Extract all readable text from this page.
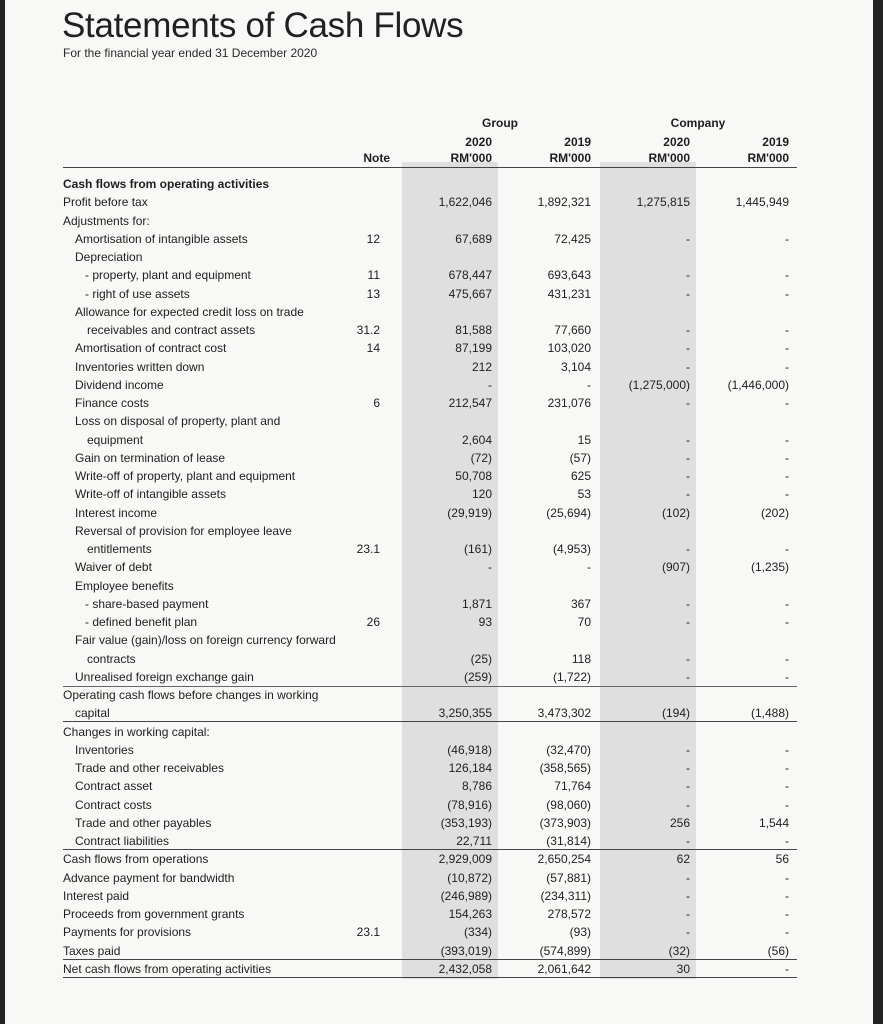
Statements of Cash Flows
For the financial year ended 31 December 2020
Group	Company
2020	2019	2020	2019
Note	RM'000	RM'000	RM'000	RM'000
Cash flows from operating activities
Profit before tax	1,622,046	1,892,321	1,275,815	1,445,949
Adjustments for:
Amortisation of intangible assets	12	67,689	72,425	-	-
Depreciation
- property, plant and equipment	11	678,447	693,643	-	-
- right of use assets	13	475,667	431,231	-	-
Allowance for expected credit loss on trade
receivables and contract assets	31.2	81,588	77,660	-	-
Amortisation of contract cost	14	87,199	103,020	-	-
Inventories written down	212	3,104	-	-
Dividend income	-	-	(1,275,000)	(1,446,000)
Finance costs	6	212,547	231,076	-	-
Loss on disposal of property, plant and
equipment	2,604	15	-	-
Gain on termination of lease	(72)	(57)	-	-
Write-off of property, plant and equipment	50,708	625	-	-
Write-off of intangible assets	120	53	-	-
Interest income	(29,919)	(25,694)	(102)	(202)
Reversal of provision for employee leave
entitlements	23.1	(161)	(4,953)	-	-
Waiver of debt	-	-	(907)	(1,235)
Employee benefits
- share-based payment	1,871	367	-	-
- defined benefit plan	26	93	70	-	-
Fair value (gain)/loss on foreign currency forward
contracts	(25)	118	-	-
Unrealised foreign exchange gain	(259)	(1,722)	-	-
Operating cash flows before changes in working
capital	3,250,355	3,473,302	(194)	(1,488)
Changes in working capital:
Inventories	(46,918)	(32,470)	-	-
Trade and other receivables	126,184	(358,565)	-	-
Contract asset	8,786	71,764	-	-
Contract costs	(78,916)	(98,060)	-	-
Trade and other payables	(353,193)	(373,903)	256	1,544
Contract liabilities	22,711	(31,814)	-	-
Cash flows from operations	2,929,009	2,650,254	62	56
Advance payment for bandwidth	(10,872)	(57,881)	-	-
Interest paid	(246,989)	(234,311)	-	-
Proceeds from government grants	154,263	278,572	-	-
Payments for provisions	23.1	(334)	(93)	-	-
Taxes paid	(393,019)	(574,899)	(32)	(56)
Net cash flows from operating activities	2,432,058	2,061,642	30	-
